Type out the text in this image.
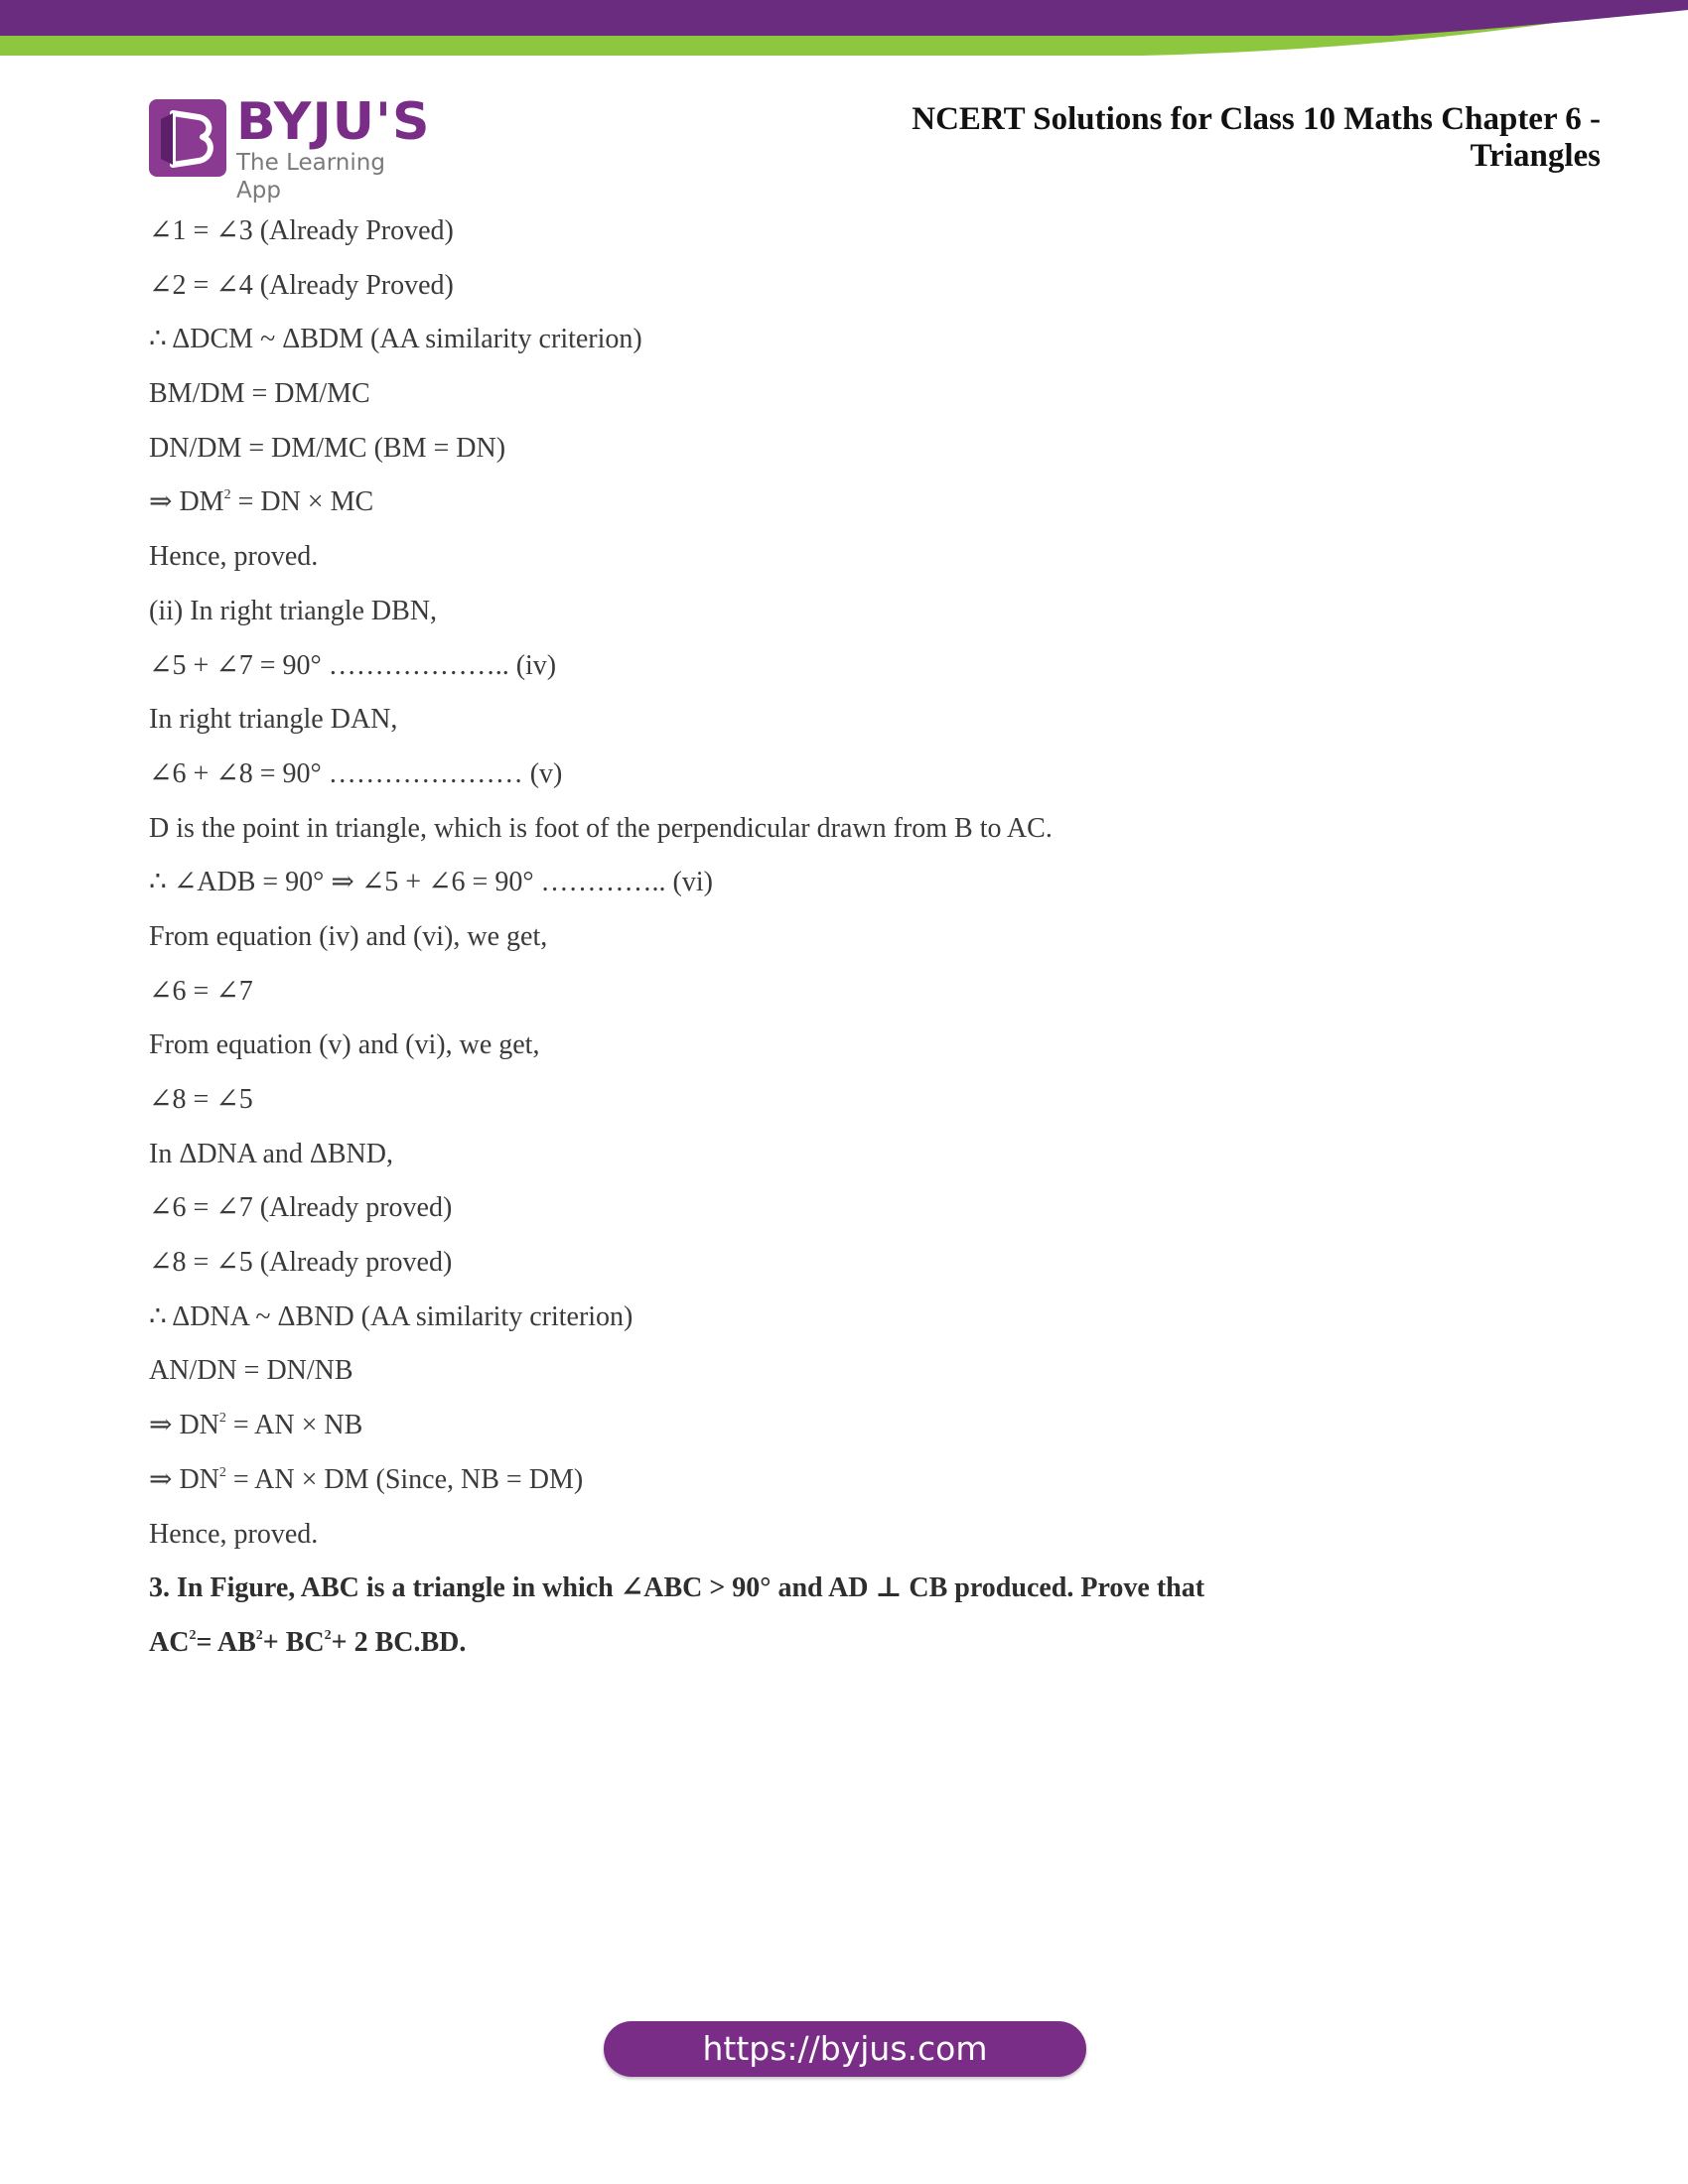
BYJU'S
The Learning App
NCERT Solutions for Class 10 Maths Chapter 6 -
Triangles
∠1 = ∠3 (Already Proved)
∠2 = ∠4 (Already Proved)
∴ ΔDCM ~ ΔBDM (AA similarity criterion)
BM/DM = DM/MC
DN/DM = DM/MC (BM = DN)
⇒ $DM^2$ = DN × MC
Hence, proved.
(ii) In right triangle DBN,
∠5 + ∠7 = 90° ……………….. (iv)
In right triangle DAN,
∠6 + ∠8 = 90° ………………… (v)
D is the point in triangle, which is foot of the perpendicular drawn from B to AC.
∴ ∠ADB = 90° ⇒ ∠5 + ∠6 = 90° ………….. (vi)
From equation (iv) and (vi), we get,
∠6 = ∠7
From equation (v) and (vi), we get,
∠8 = ∠5
In ΔDNA and ΔBND,
∠6 = ∠7 (Already proved)
∠8 = ∠5 (Already proved)
∴ ΔDNA ~ ΔBND (AA similarity criterion)
AN/DN = DN/NB
⇒ $DN^2$ = AN × NB
⇒ $DN^2$ = AN × DM (Since, NB = DM)
Hence, proved.
3. In Figure, ABC is a triangle in which ∠ABC > 90° and AD ⊥ CB produced. Prove that
$AC^2= AB^2+ BC^2+ 2$ BC.BD.
https://byjus.com
